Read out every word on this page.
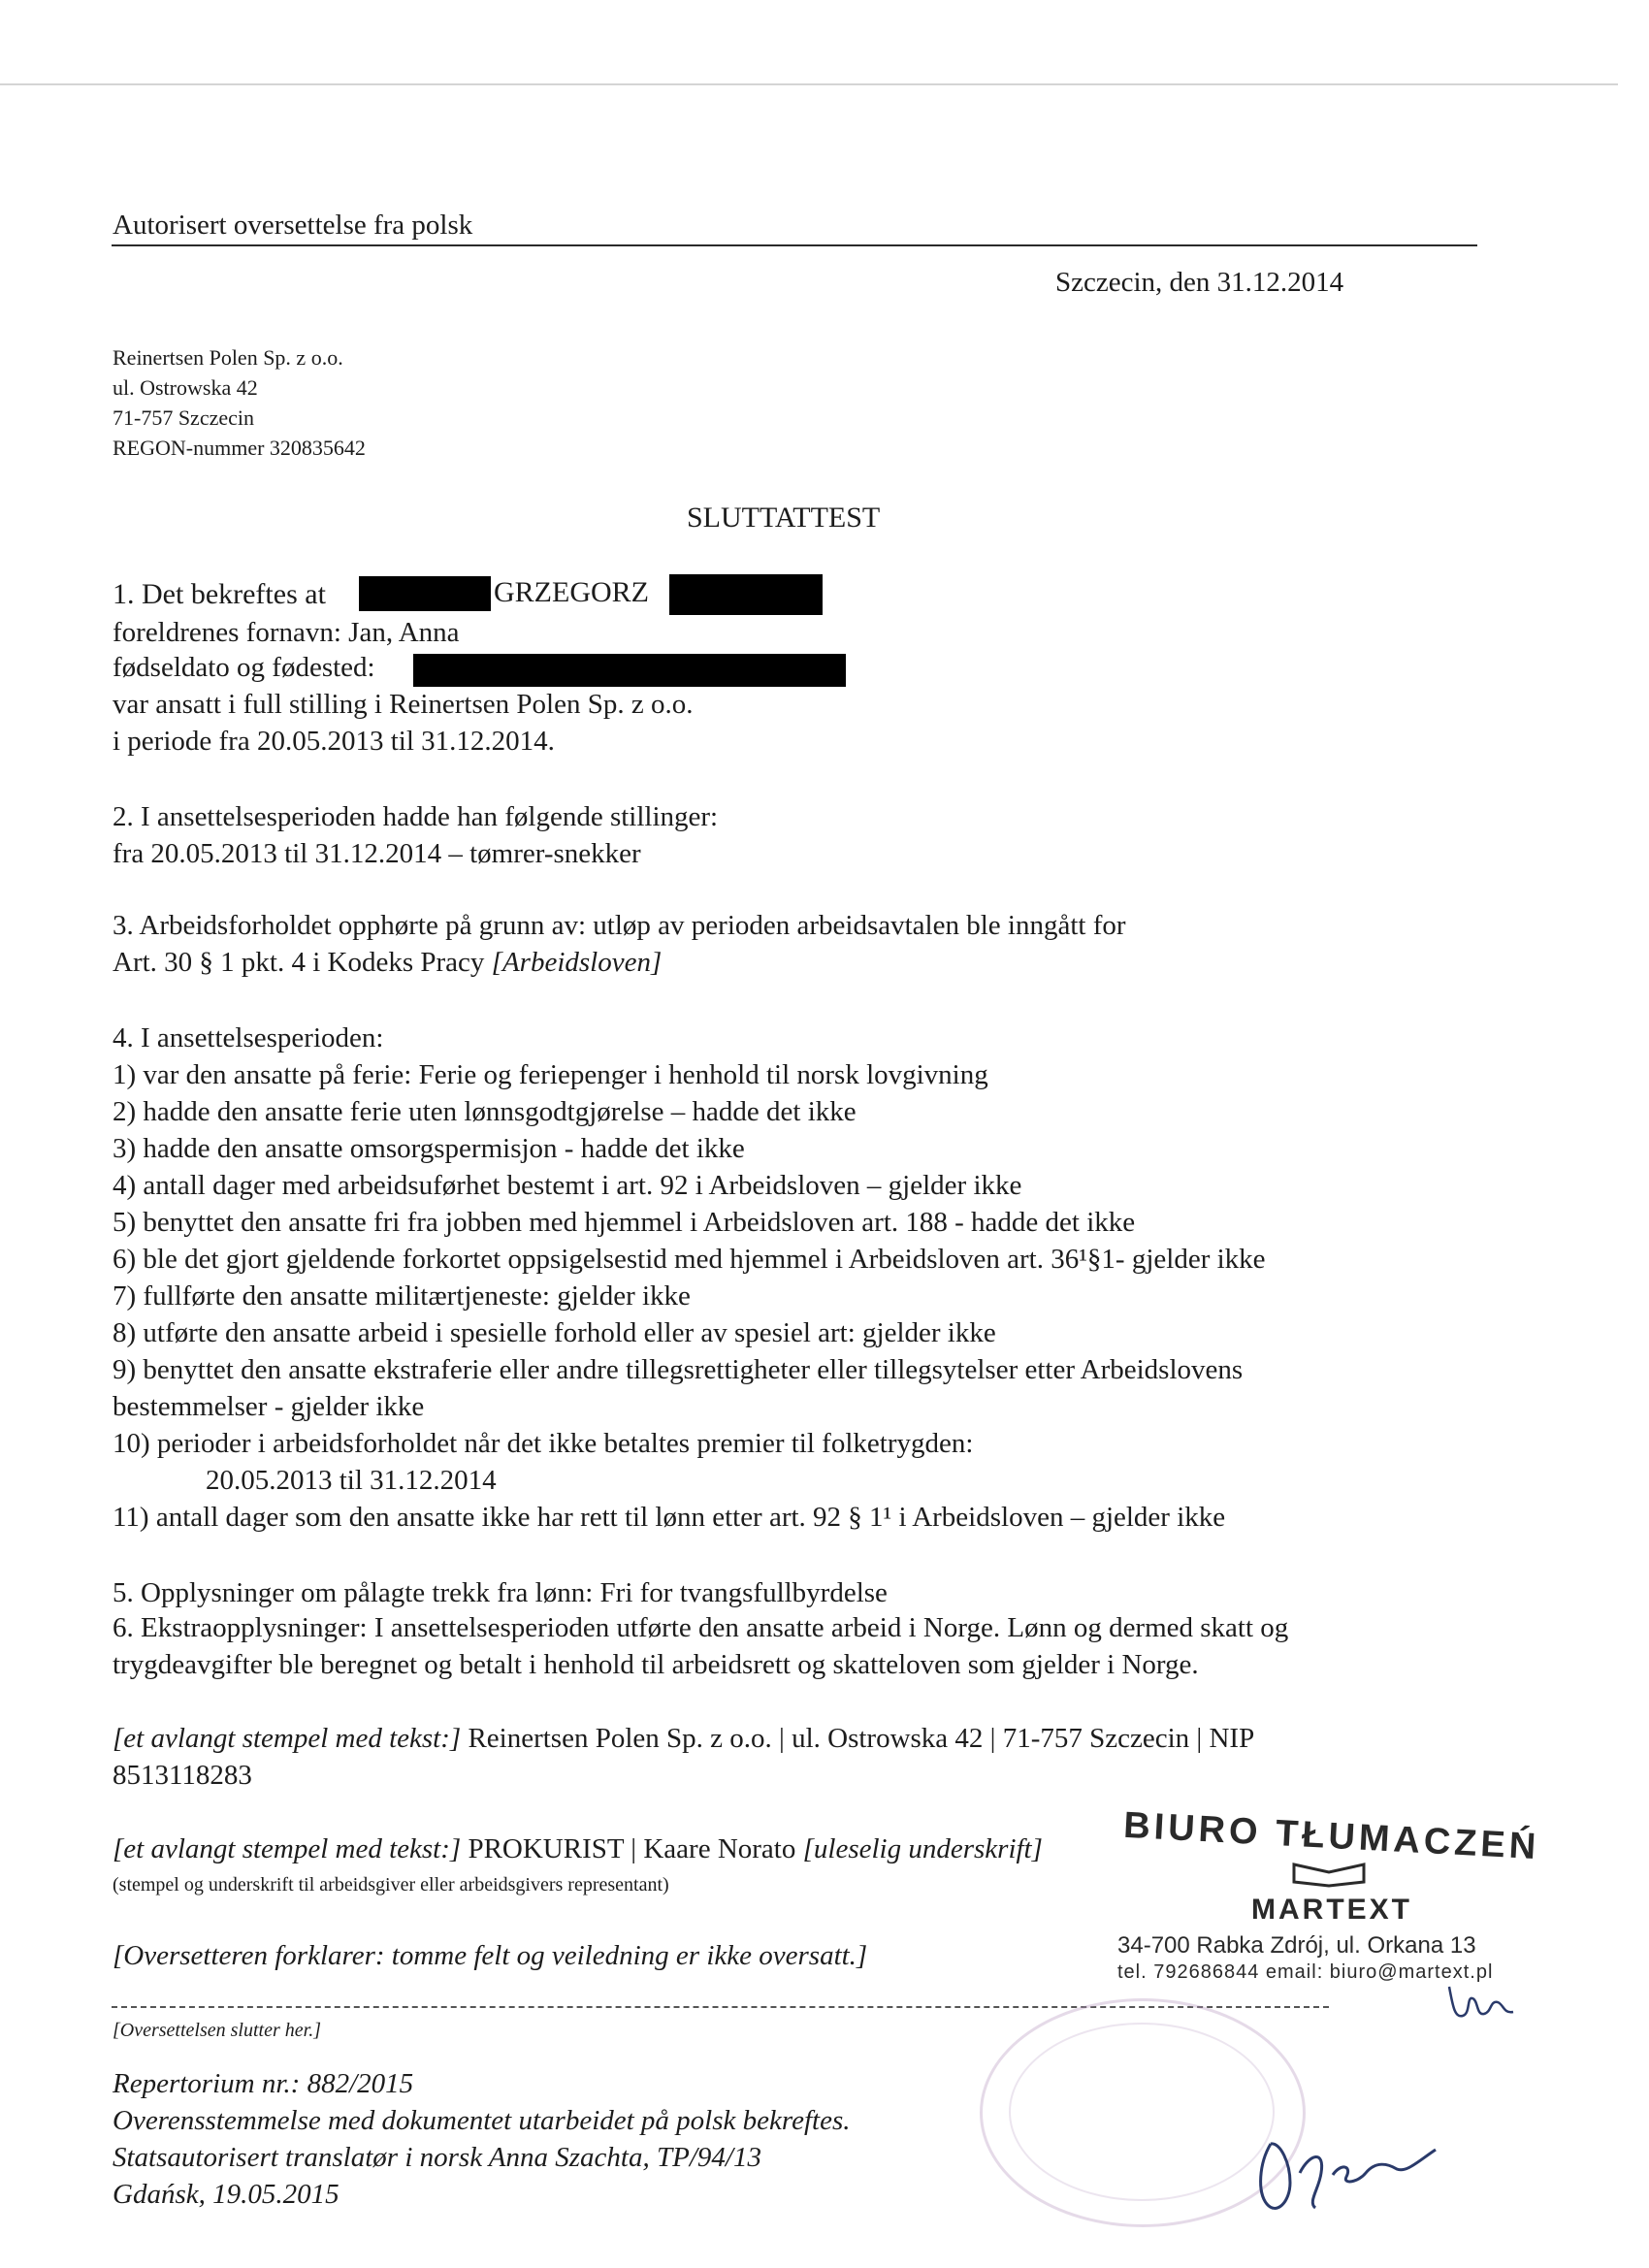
Autorisert oversettelse fra polsk
Szczecin, den 31.12.2014
Reinertsen Polen Sp. z o.o.
ul. Ostrowska 42
71-757 Szczecin
REGON-nummer 320835642
SLUTTATTEST
1. Det bekreftes at	GRZEGORZ
foreldrenes fornavn: Jan, Anna
fødseldato og fødested:
var ansatt i full stilling i Reinertsen Polen Sp. z o.o.
i periode fra 20.05.2013 til 31.12.2014.
2. I ansettelsesperioden hadde han følgende stillinger:
fra 20.05.2013 til 31.12.2014 – tømrer-snekker
3. Arbeidsforholdet opphørte på grunn av: utløp av perioden arbeidsavtalen ble inngått for
Art. 30 § 1 pkt. 4 i Kodeks Pracy [Arbeidsloven]
4. I ansettelsesperioden:
1) var den ansatte på ferie: Ferie og feriepenger i henhold til norsk lovgivning
2) hadde den ansatte ferie uten lønnsgodtgjørelse – hadde det ikke
3) hadde den ansatte omsorgspermisjon - hadde det ikke
4) antall dager med arbeidsuførhet bestemt i art. 92 i Arbeidsloven – gjelder ikke
5) benyttet den ansatte fri fra jobben med hjemmel i Arbeidsloven art. 188 - hadde det ikke
6) ble det gjort gjeldende forkortet oppsigelsestid med hjemmel i Arbeidsloven art. 36¹§1- gjelder ikke
7) fullførte den ansatte militærtjeneste: gjelder ikke
8) utførte den ansatte arbeid i spesielle forhold eller av spesiel art: gjelder ikke
9) benyttet den ansatte ekstraferie eller andre tillegsrettigheter eller tillegsytelser etter Arbeidslovens
bestemmelser - gjelder ikke
10) perioder i arbeidsforholdet når det ikke betaltes premier til folketrygden:
20.05.2013 til 31.12.2014
11) antall dager som den ansatte ikke har rett til lønn etter art. 92 § 1¹ i Arbeidsloven – gjelder ikke
5. Opplysninger om pålagte trekk fra lønn: Fri for tvangsfullbyrdelse
6. Ekstraopplysninger: I ansettelsesperioden utførte den ansatte arbeid i Norge. Lønn og dermed skatt og
trygdeavgifter ble beregnet og betalt i henhold til arbeidsrett og skatteloven som gjelder i Norge.
[et avlangt stempel med tekst:] Reinertsen Polen Sp. z o.o. | ul. Ostrowska 42 | 71-757 Szczecin | NIP
8513118283
[et avlangt stempel med tekst:] PROKURIST | Kaare Norato [uleselig underskrift]
(stempel og underskrift til arbeidsgiver eller arbeidsgivers representant)
[Oversetteren forklarer: tomme felt og veiledning er ikke oversatt.]
BIURO TŁUMACZEŃ
MARTEXT
34-700 Rabka Zdrój, ul. Orkana 13
tel. 792686844 email: biuro@martext.pl
[Oversettelsen slutter her.]
Repertorium nr.: 882/2015
Overensstemmelse med dokumentet utarbeidet på polsk bekreftes.
Statsautorisert translatør i norsk Anna Szachta, TP/94/13
Gdańsk, 19.05.2015
